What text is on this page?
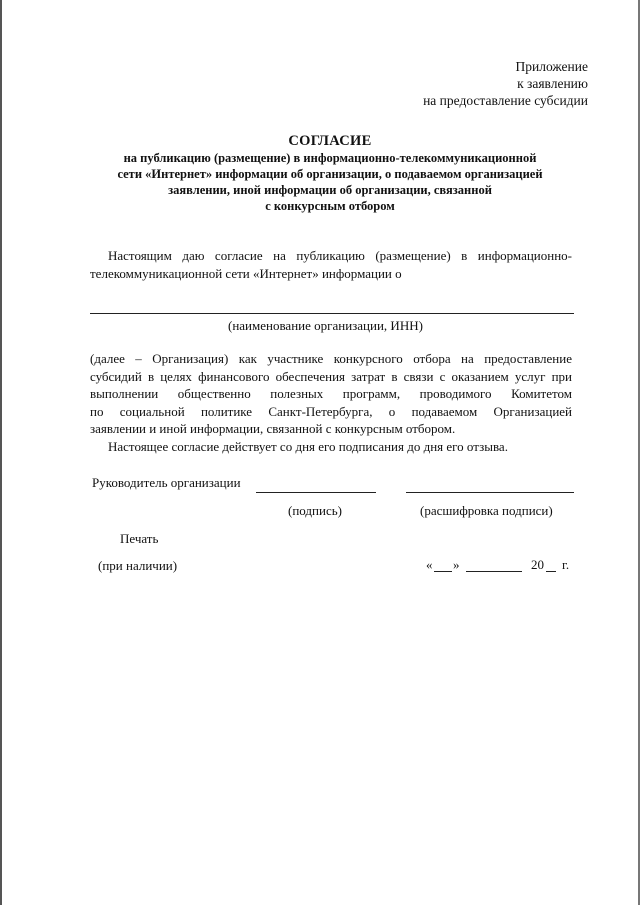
Приложение
к заявлению
на предоставление субсидии
СОГЛАСИЕ
на публикацию (размещение) в информационно-телекоммуникационной
сети «Интернет» информации об организации, о подаваемом организацией
заявлении, иной информации об организации, связанной
с конкурсным отбором
Настоящим даю согласие на публикацию (размещение) в информационно-
телекоммуникационной сети «Интернет» информации о
(наименование организации, ИНН)
(далее – Организация) как участнике конкурсного отбора на предоставление
субсидий в целях финансового обеспечения затрат в связи с оказанием услуг при
выполнении общественно полезных программ, проводимого Комитетом
по социальной политике Санкт-Петербурга, о подаваемом Организацией
заявлении и иной информации, связанной с конкурсным отбором.
Настоящее согласие действует со дня его подписания до дня его отзыва.
Руководитель организации
(подпись)	(расшифровка подписи)
Печать
(при наличии)	« »	20 г.
